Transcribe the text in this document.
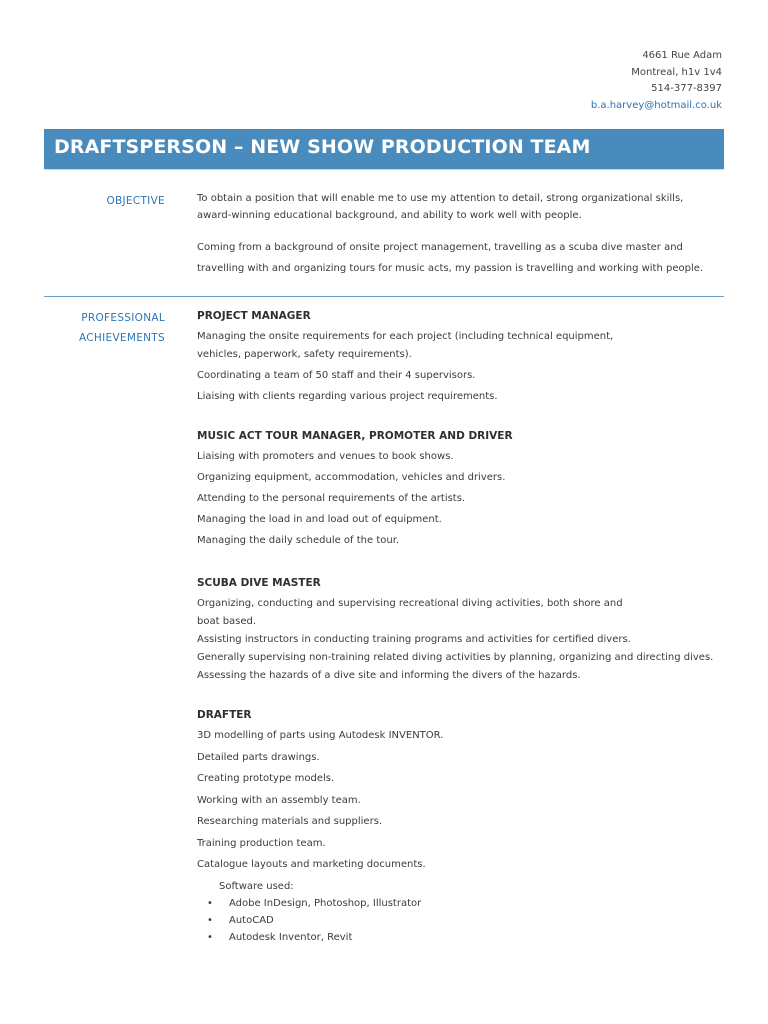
4661 Rue Adam
Montreal, h1v 1v4
514-377-8397
b.a.harvey@hotmail.co.uk
DRAFTSPERSON – NEW SHOW PRODUCTION TEAM
OBJECTIVE	To obtain a position that will enable me to use my attention to detail, strong organizational skills, award-winning educational background, and ability to work well with people.
Coming from a background of onsite project management, travelling as a scuba dive master and travelling with and organizing tours for music acts, my passion is travelling and working with people.
PROFESSIONAL
ACHIEVEMENTS

PROJECT MANAGER

Managing the onsite requirements for each project (including technical equipment, vehicles, paperwork, safety requirements).

Coordinating a team of 50 staff and their 4 supervisors.

Liaising with clients regarding various project requirements.

MUSIC ACT TOUR MANAGER, PROMOTER AND DRIVER

Liaising with promoters and venues to book shows.

Organizing equipment, accommodation, vehicles and drivers.

Attending to the personal requirements of the artists.

Managing the load in and load out of equipment.

Managing the daily schedule of the tour.

SCUBA DIVE MASTER

Organizing, conducting and supervising recreational diving activities, both shore and boat based.

Assisting instructors in conducting training programs and activities for certified divers.

Generally supervising non-training related diving activities by planning, organizing and directing dives.

Assessing the hazards of a dive site and informing the divers of the hazards.

DRAFTER

3D modelling of parts using Autodesk INVENTOR.

Detailed parts drawings.

Creating prototype models.

Working with an assembly team.

Researching materials and suppliers.

Training production team.

Catalogue layouts and marketing documents.

Software used:

• Adobe InDesign, Photoshop, Illustrator
• AutoCAD
• Autodesk Inventor, Revit
